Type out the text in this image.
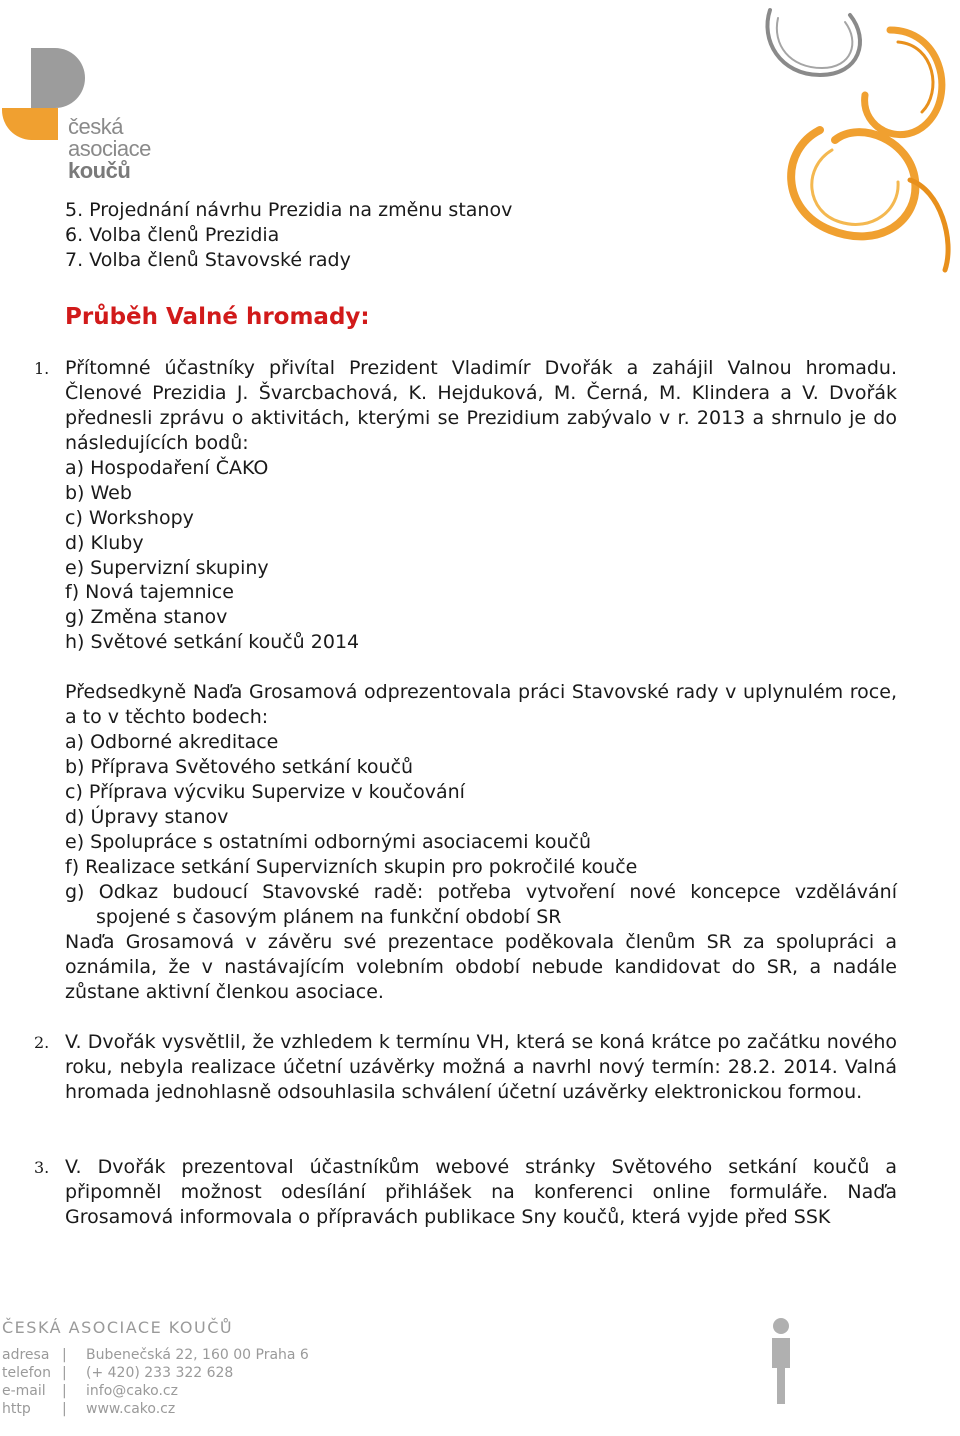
česká
asociace
koučů
5. Projednání návrhu Prezidia na změnu stanov
6. Volba členů Prezidia
7. Volba členů Stavovské rady
Průběh Valné hromady:
1. Přítomné účastníky přivítal Prezident Vladimír Dvořák a zahájil Valnou hromadu. Členové Prezidia J. Švarcbachová, K. Hejduková, M. Černá, M. Klindera a V. Dvořák přednesli zprávu o aktivitách, kterými se Prezidium zabývalo v r. 2013 a shrnulo je do následujících bodů:

a) Hospodaření ČAKO
b) Web
c) Workshopy
d) Kluby
e) Supervizní skupiny
f) Nová tajemnice
g) Změna stanov
h) Světové setkání koučů 2014

Předsedkyně Naďa Grosamová odprezentovala práci Stavovské rady v uplynulém roce, a to v těchto bodech:

a) Odborné akreditace
b) Příprava Světového setkání koučů
c) Příprava výcviku Supervize v koučování
d) Úpravy stanov
e) Spolupráce s ostatními odbornými asociacemi koučů
f) Realizace setkání Supervizních skupin pro pokročilé kouče

g) Odkaz budoucí Stavovské radě: potřeba vytvoření nové koncepce vzdělávání

spojené s časovým plánem na funkční období SR

Naďa Grosamová v závěru své prezentace poděkovala členům SR za spolupráci a oznámila, že v nastávajícím volebním období nebude kandidovat do SR, a nadále zůstane aktivní členkou asociace.

2. V. Dvořák vysvětlil, že vzhledem k termínu VH, která se koná krátce po začátku nového roku, nebyla realizace účetní uzávěrky možná a navrhl nový termín: 28.2. 2014. Valná hromada jednohlasně odsouhlasila schválení účetní uzávěrky elektronickou formou.

3. V. Dvořák prezentoval účastníkům webové stránky Světového setkání koučů a připomněl možnost odesílání přihlášek na konferenci online formuláře. Naďa Grosamová informovala o přípravách publikace Sny koučů, která vyjde před SSK

ČESKÁ ASOCIACE KOUČŮ
adresa | Bubenečská 22, 160 00 Praha 6
telefon | (+ 420) 233 322 628
e-mail | info@cako.cz
http | www.cako.cz
